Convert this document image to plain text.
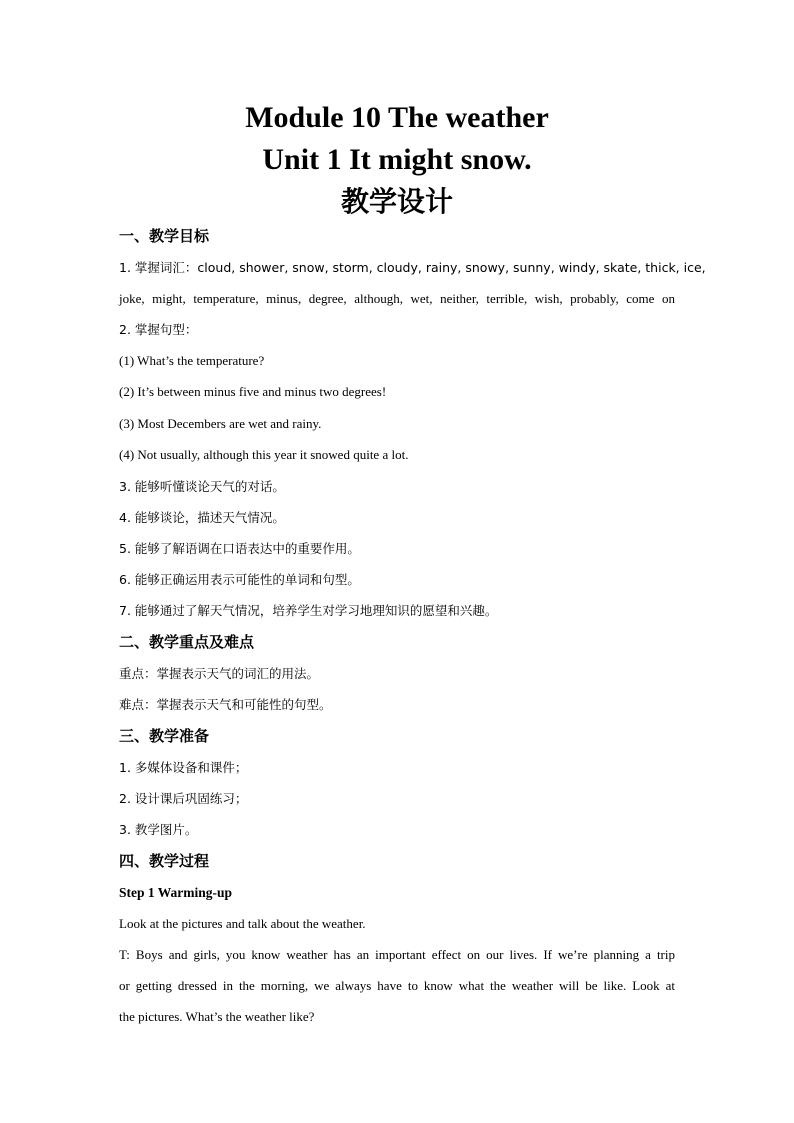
Module 10 The weather
Unit 1 It might snow.
教学设计
一、教学目标
1. 掌握词汇：cloud, shower, snow, storm, cloudy, rainy, snowy, sunny, windy, skate, thick, ice,
joke, might, temperature, minus, degree, although, wet, neither, terrible, wish, probably, come on
2. 掌握句型：
(1) What’s the temperature?
(2) It’s between minus five and minus two degrees!
(3) Most Decembers are wet and rainy.
(4) Not usually, although this year it snowed quite a lot.
3. 能够听懂谈论天气的对话。
4. 能够谈论，描述天气情况。
5. 能够了解语调在口语表达中的重要作用。
6. 能够正确运用表示可能性的单词和句型。
7. 能够通过了解天气情况，培养学生对学习地理知识的愿望和兴趣。
二、教学重点及难点
重点：掌握表示天气的词汇的用法。
难点：掌握表示天气和可能性的句型。
三、教学准备
1. 多媒体设备和课件；
2. 设计课后巩固练习；
3. 教学图片。
四、教学过程
Step 1 Warming-up
Look at the pictures and talk about the weather.
T: Boys and girls, you know weather has an important effect on our lives. If we’re planning a trip
or getting dressed in the morning, we always have to know what the weather will be like. Look at
the pictures. What’s the weather like?
